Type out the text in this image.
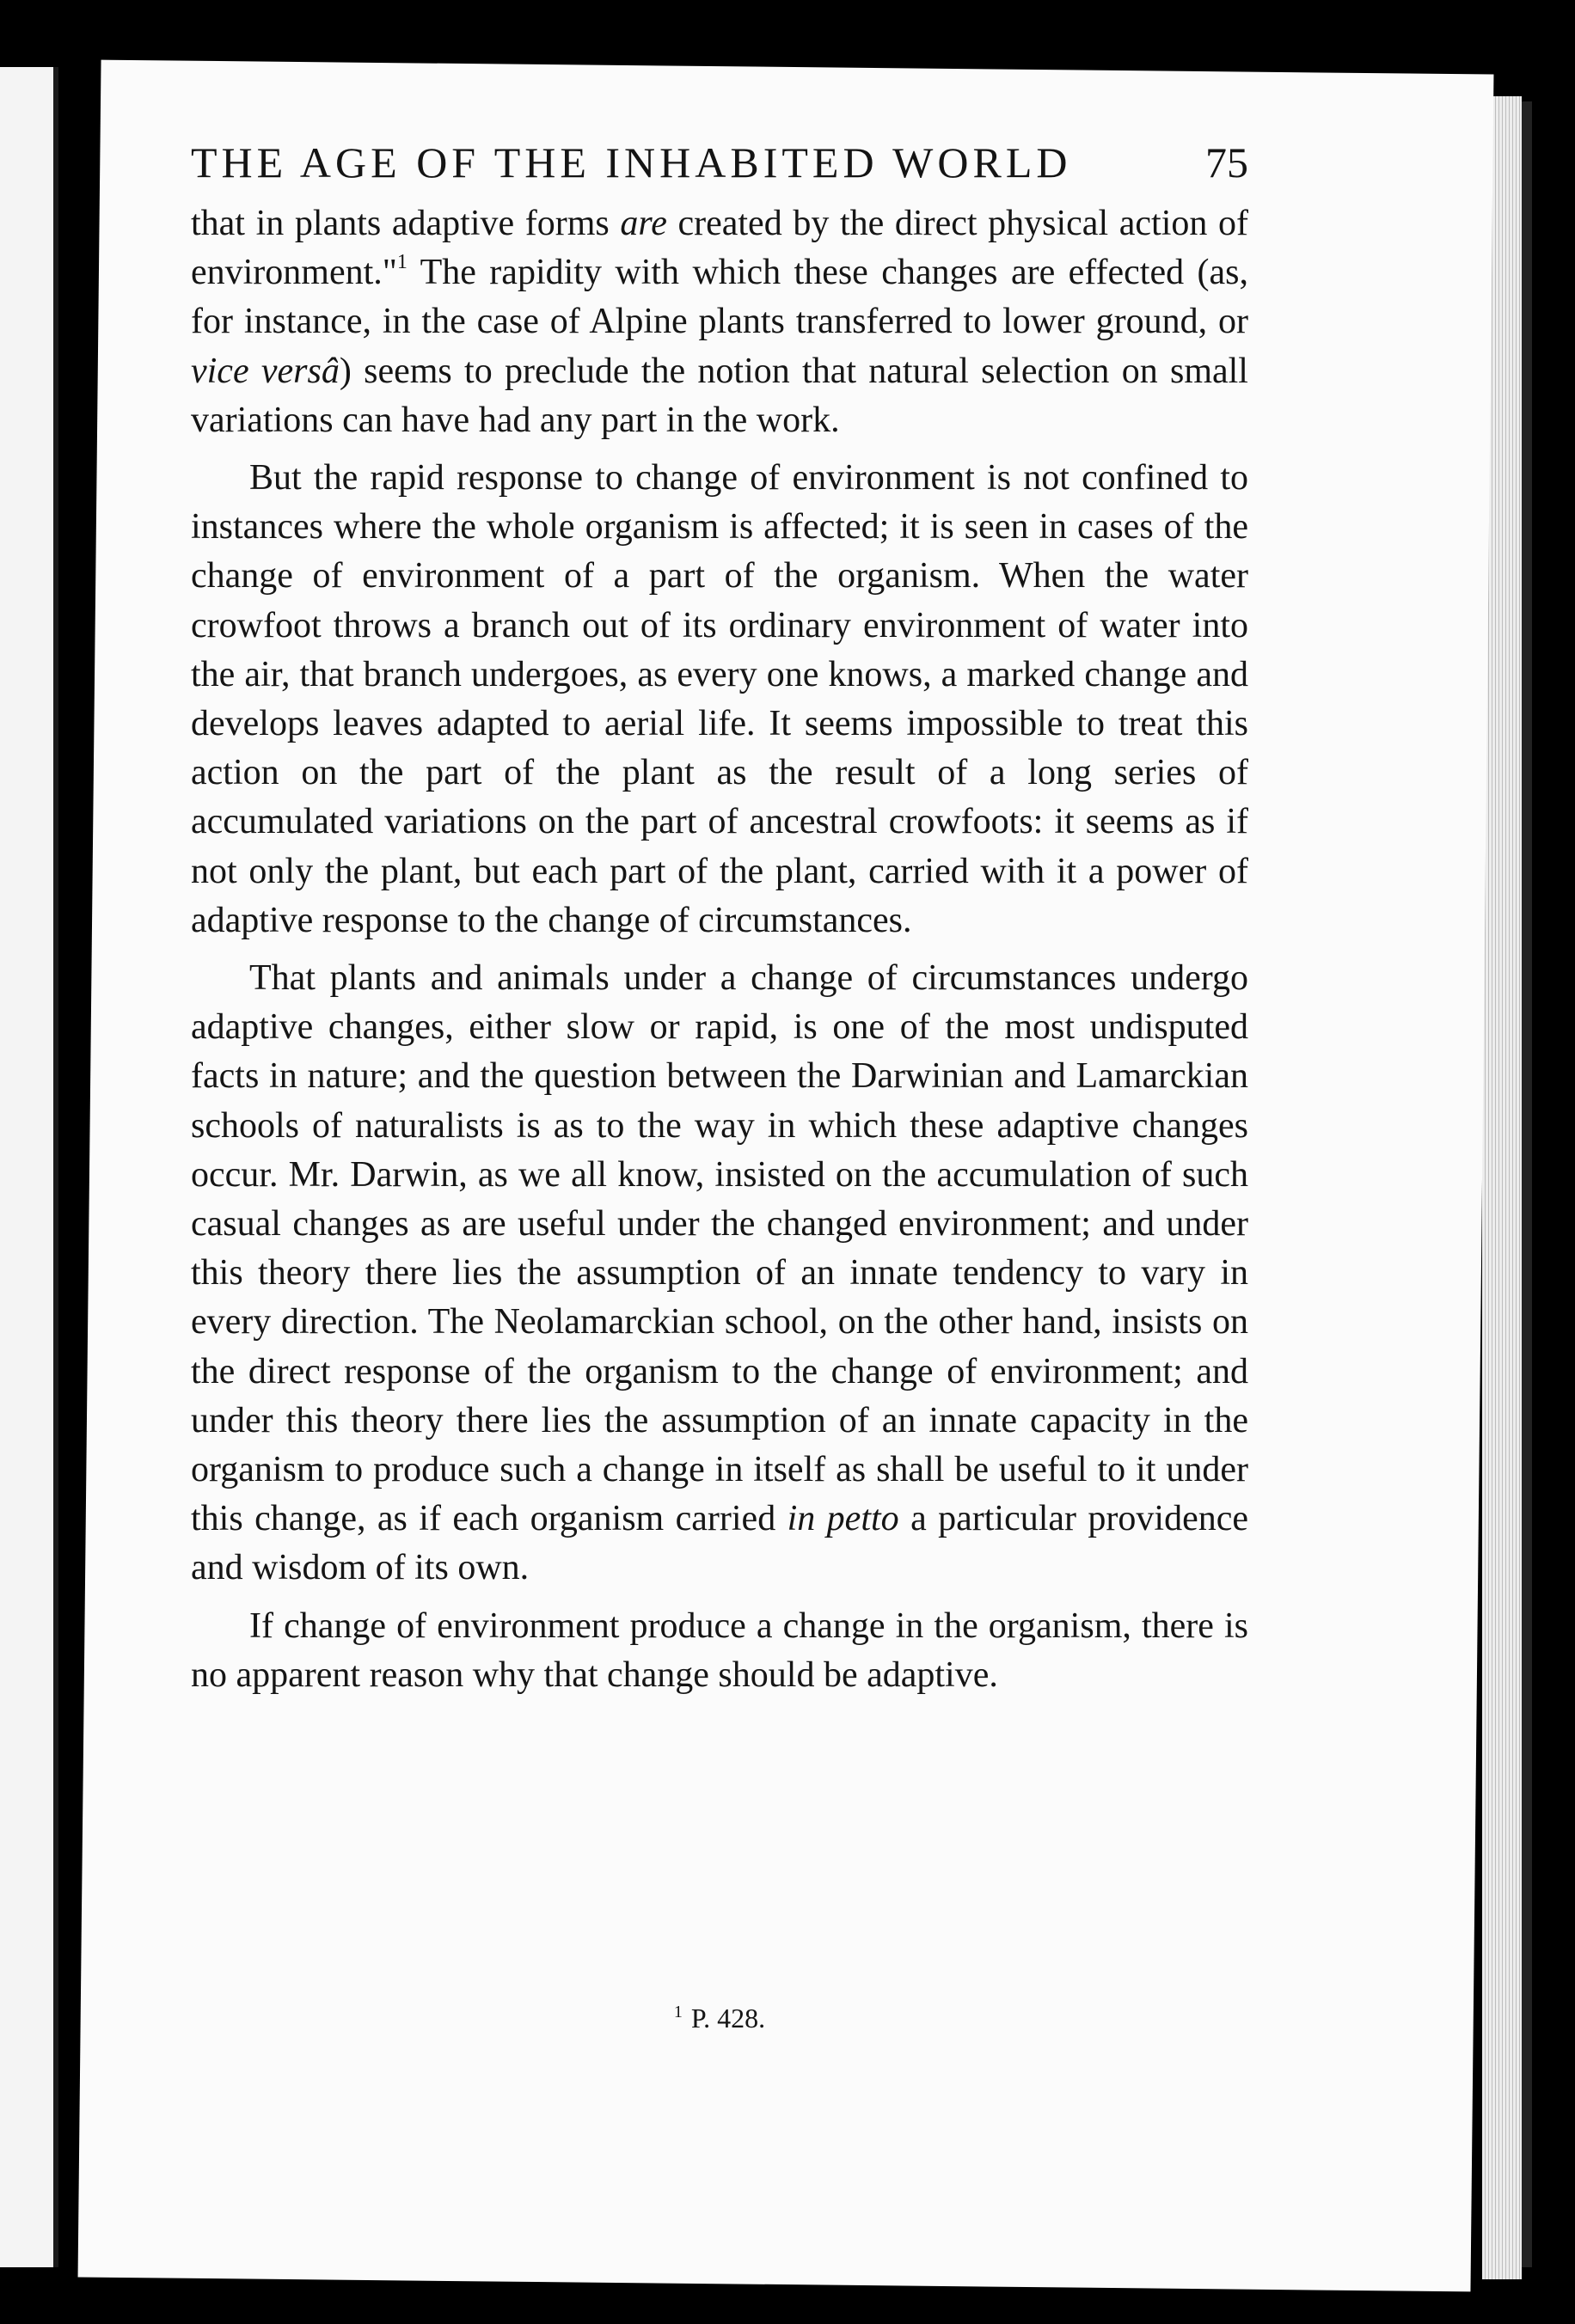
THE AGE OF THE INHABITED WORLD	75

that in plants adaptive forms are created by the direct physical action of environment."$^1$ The rapidity with which these changes are effected (as, for instance, in the case of Alpine plants transferred to lower ground, or vice versâ) seems to preclude the notion that natural selection on small variations can have had any part in the work.

But the rapid response to change of environment is not confined to instances where the whole organism is affected; it is seen in cases of the change of environment of a part of the organism. When the water crowfoot throws a branch out of its ordinary environment of water into the air, that branch undergoes, as every one knows, a marked change and develops leaves adapted to aerial life. It seems impossible to treat this action on the part of the plant as the result of a long series of accumulated variations on the part of ancestral crowfoots: it seems as if not only the plant, but each part of the plant, carried with it a power of adaptive response to the change of circumstances.

That plants and animals under a change of circumstances undergo adaptive changes, either slow or rapid, is one of the most undisputed facts in nature; and the question between the Darwinian and Lamarckian schools of naturalists is as to the way in which these adaptive changes occur. Mr. Darwin, as we all know, insisted on the accumulation of such casual changes as are useful under the changed environment; and under this theory there lies the assumption of an innate tendency to vary in every direction. The Neolamarckian school, on the other hand, insists on the direct response of the organism to the change of environment; and under this theory there lies the assumption of an innate capacity in the organism to produce such a change in itself as shall be useful to it under this change, as if each organism carried in petto a particular providence and wisdom of its own.

If change of environment produce a change in the organism, there is no apparent reason why that change should be adaptive.

$^1$ P. 428.
